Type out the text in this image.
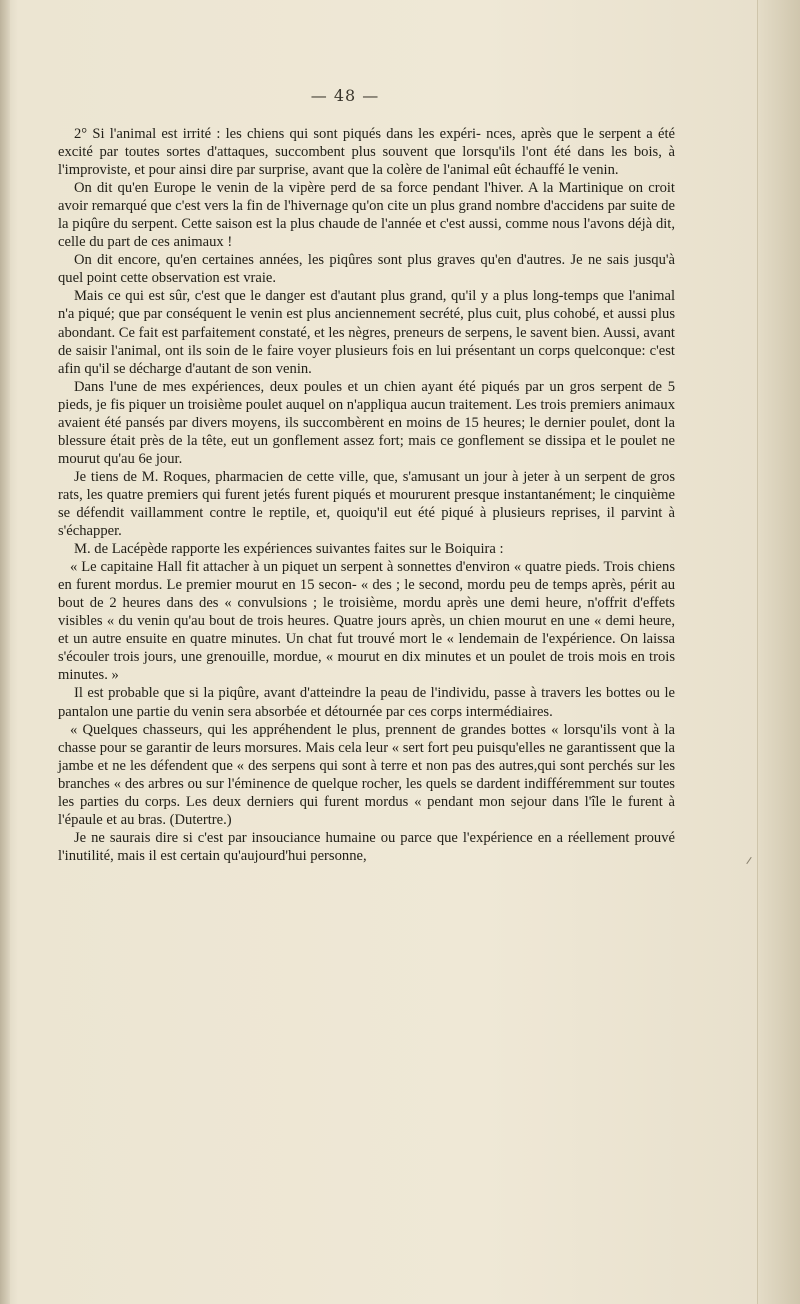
— 48 —

2° Si l'animal est irrité : les chiens qui sont piqués dans les expéri- nces, après que le serpent a été excité par toutes sortes d'attaques, succombent plus souvent que lorsqu'ils l'ont été dans les bois, à l'improviste, et pour ainsi dire par surprise, avant que la colère de l'animal eût échauffé le venin.

On dit qu'en Europe le venin de la vipère perd de sa force pendant l'hiver. A la Martinique on croit avoir remarqué que c'est vers la fin de l'hivernage qu'on cite un plus grand nombre d'accidens par suite de la piqûre du serpent. Cette saison est la plus chaude de l'année et c'est aussi, comme nous l'avons déjà dit, celle du part de ces animaux !

On dit encore, qu'en certaines années, les piqûres sont plus graves qu'en d'autres. Je ne sais jusqu'à quel point cette observation est vraie.

Mais ce qui est sûr, c'est que le danger est d'autant plus grand, qu'il y a plus long-temps que l'animal n'a piqué; que par conséquent le venin est plus anciennement secrété, plus cuit, plus cohobé, et aussi plus abondant. Ce fait est parfaitement constaté, et les nègres, preneurs de serpens, le savent bien. Aussi, avant de saisir l'animal, ont ils soin de le faire voyer plusieurs fois en lui présentant un corps quelconque: c'est afin qu'il se décharge d'autant de son venin.

Dans l'une de mes expériences, deux poules et un chien ayant été piqués par un gros serpent de 5 pieds, je fis piquer un troisième poulet auquel on n'appliqua aucun traitement. Les trois premiers animaux avaient été pansés par divers moyens, ils succombèrent en moins de 15 heures; le dernier poulet, dont la blessure était près de la tête, eut un gonflement assez fort; mais ce gonflement se dissipa et le poulet ne mourut qu'au 6e jour.

Je tiens de M. Roques, pharmacien de cette ville, que, s'amusant un jour à jeter à un serpent de gros rats, les quatre premiers qui furent jetés furent piqués et moururent presque instantanément; le cinquième se défendit vaillamment contre le reptile, et, quoiqu'il eut été piqué à plusieurs reprises, il parvint à s'échapper.

M. de Lacépède rapporte les expériences suivantes faites sur le Boiquira :

« Le capitaine Hall fit attacher à un piquet un serpent à sonnettes d'environ « quatre pieds. Trois chiens en furent mordus. Le premier mourut en 15 secon- « des ; le second, mordu peu de temps après, périt au bout de 2 heures dans des « convulsions ; le troisième, mordu après une demi heure, n'offrit d'effets visibles « du venin qu'au bout de trois heures. Quatre jours après, un chien mourut en une « demi heure, et un autre ensuite en quatre minutes. Un chat fut trouvé mort le « lendemain de l'expérience. On laissa s'écouler trois jours, une grenouille, mordue, « mourut en dix minutes et un poulet de trois mois en trois minutes. »

Il est probable que si la piqûre, avant d'atteindre la peau de l'individu, passe à travers les bottes ou le pantalon une partie du venin sera absorbée et détournée par ces corps intermédiaires.

« Quelques chasseurs, qui les appréhendent le plus, prennent de grandes bottes « lorsqu'ils vont à la chasse pour se garantir de leurs morsures. Mais cela leur « sert fort peu puisqu'elles ne garantissent que la jambe et ne les défendent que « des serpens qui sont à terre et non pas des autres,qui sont perchés sur les branches « des arbres ou sur l'éminence de quelque rocher, les quels se dardent indifféremment sur toutes les parties du corps. Les deux derniers qui furent mordus « pendant mon sejour dans l'île le furent à l'épaule et au bras. (Dutertre.)

Je ne saurais dire si c'est par insouciance humaine ou parce que l'expérience en a réellement prouvé l'inutilité, mais il est certain qu'aujourd'hui personne,
